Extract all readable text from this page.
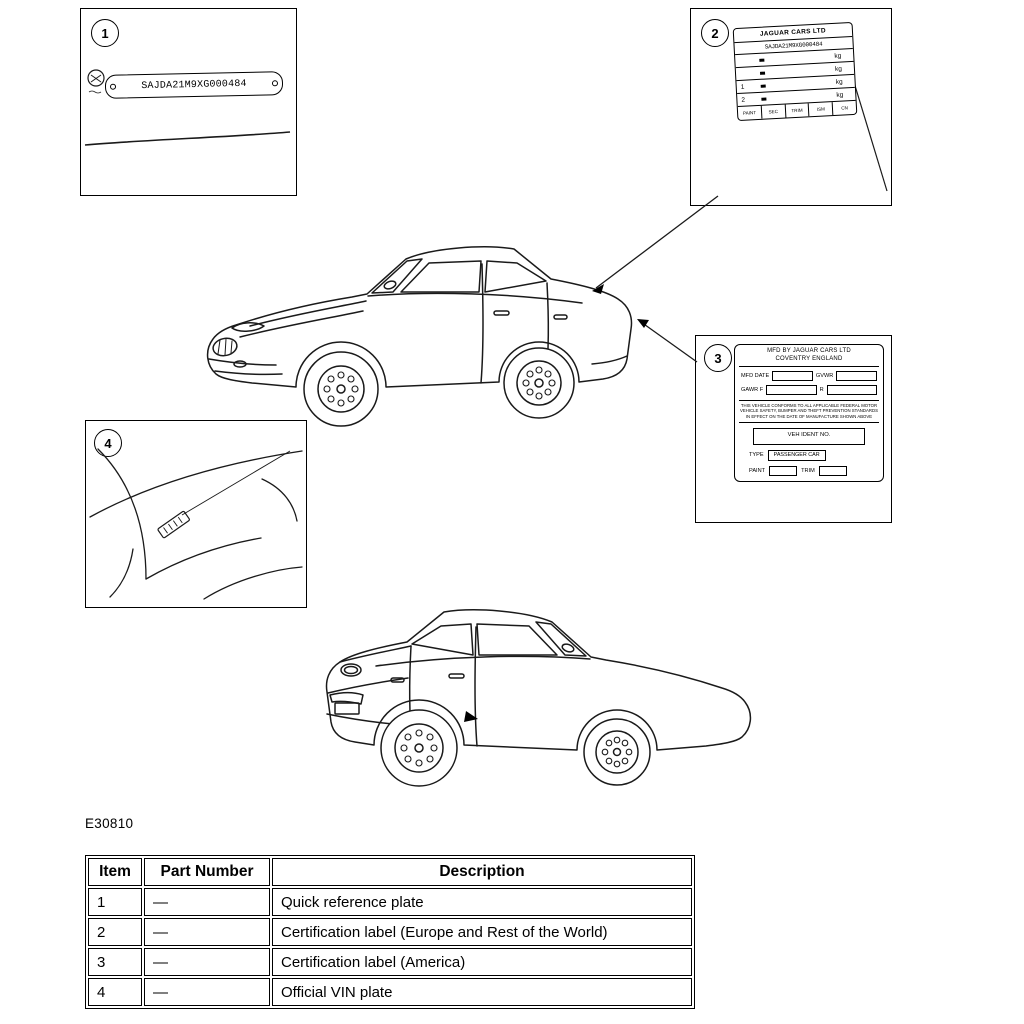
1
SAJDA21M9XG000484
2	JAGUAR CARS LTD
SAJDA21M9XG000484
kg
kg
1
kg
2
kg
PAINT	SEC	TRIM	ISM	CN
3	MFD BY JAGUAR CARS LTD
COVENTRY ENGLAND
MFD DATE	GVWR
GAWR F	R
THIS VEHICLE CONFORMS TO ALL APPLICABLE FEDERAL MOTOR VEHICLE SAFETY, BUMPER AND THEFT PREVENTION STANDARDS IN EFFECT ON THE DATE OF MANUFACTURE SHOWN ABOVE
VEH IDENT NO.
TYPE	PASSENGER CAR
PAINT	TRIM
4
E30810
Item	Part Number	Description
1	—	Quick reference plate
2	—	Certification label (Europe and Rest of the World)
3	—	Certification label (America)
4	—	Official VIN plate
